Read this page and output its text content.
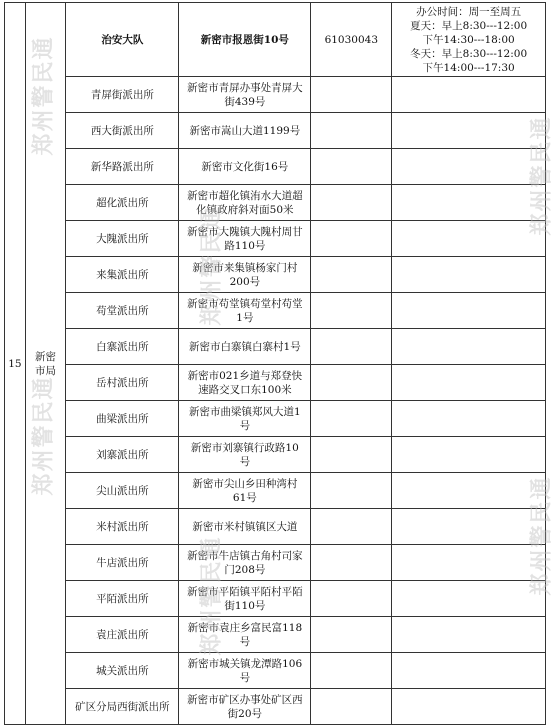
15	新密市局	治安大队	新密市报恩街10号	61030043	办公时间：周一至周五
夏天：早上8:30---12:00
下午14:30---18:00
冬天：早上8:30---12:00
下午14:00---17:30

		青屏街派出所	新密市青屏办事处青屏大街439号		
		西大街派出所	新密市嵩山大道1199号		
		新华路派出所	新密市文化街16号		
		超化派出所	新密市超化镇洧水大道超化镇政府斜对面50米		
		大隗派出所	新密市大隗镇大隗村周甘路110号		
		来集派出所	新密市来集镇杨家门村200号		
		苟堂派出所	新密市苟堂镇苟堂村苟堂1号		
		白寨派出所	新密市白寨镇白寨村1号		
		岳村派出所	新密市021乡道与郑登快速路交叉口东100米		
		曲梁派出所	新密市曲梁镇郑风大道1号		
		刘寨派出所	新密市刘寨镇行政路10号		
		尖山派出所	新密市尖山乡田种湾村61号		
		米村派出所	新密市米村镇镇区大道		
		牛店派出所	新密市牛店镇古角村司家门208号		
		平陌派出所	新密市平陌镇平陌村平陌街110号		
		袁庄派出所	新密市袁庄乡富民富118号		
		城关派出所	新密市城关镇龙潭路106号		
		矿区分局西街派出所	新密市矿区办事处矿区西街20号		
郑州警民通
郑州警民通
郑州警民通
郑州警民通
郑州警民通
郑州警民通
